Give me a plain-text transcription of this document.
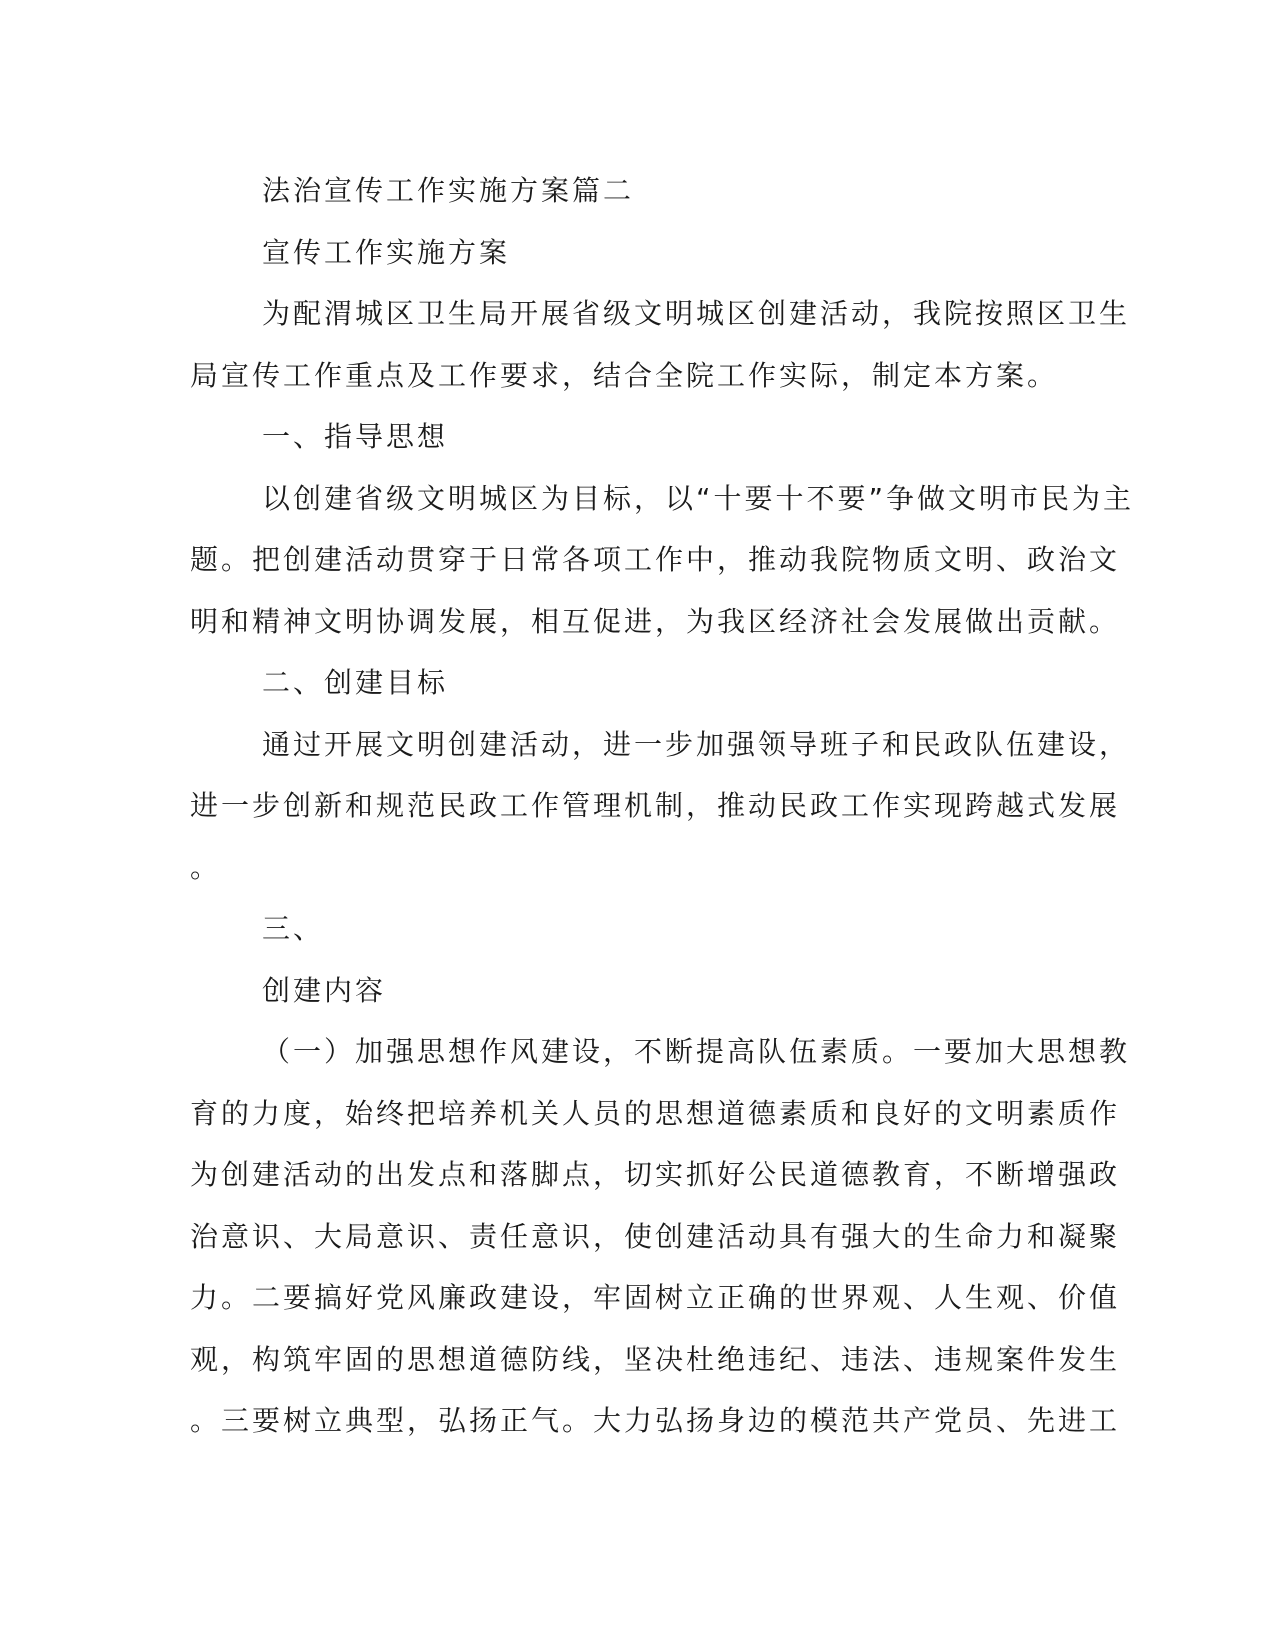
法治宣传工作实施方案篇二
宣传工作实施方案
为配渭城区卫生局开展省级文明城区创建活动，我院按照区卫生
局宣传工作重点及工作要求，结合全院工作实际，制定本方案。
一、指导思想
以创建省级文明城区为目标，以“十要十不要”争做文明市民为主
题。把创建活动贯穿于日常各项工作中，推动我院物质文明、政治文
明和精神文明协调发展，相互促进，为我区经济社会发展做出贡献。
二、创建目标
通过开展文明创建活动，进一步加强领导班子和民政队伍建设，
进一步创新和规范民政工作管理机制，推动民政工作实现跨越式发展
。
三、
创建内容
（一）加强思想作风建设，不断提高队伍素质。一要加大思想教
育的力度，始终把培养机关人员的思想道德素质和良好的文明素质作
为创建活动的出发点和落脚点，切实抓好公民道德教育，不断增强政
治意识、大局意识、责任意识，使创建活动具有强大的生命力和凝聚
力。二要搞好党风廉政建设，牢固树立正确的世界观、人生观、价值
观，构筑牢固的思想道德防线，坚决杜绝违纪、违法、违规案件发生
。三要树立典型，弘扬正气。大力弘扬身边的模范共产党员、先进工
